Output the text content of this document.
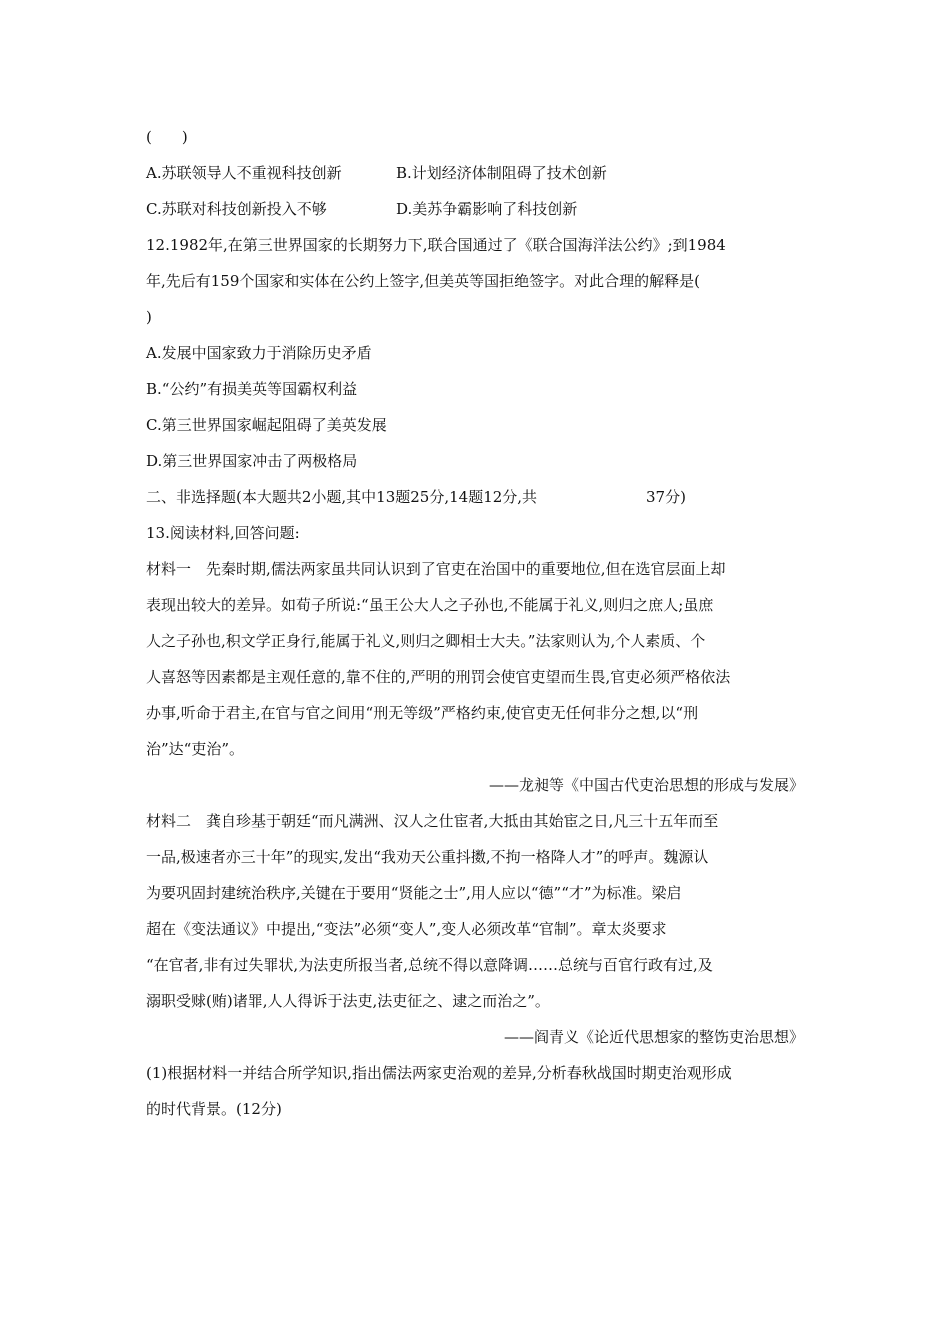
(　　)
A.苏联领导人不重视科技创新	B.计划经济体制阻碍了技术创新
C.苏联对科技创新投入不够	D.美苏争霸影响了科技创新
12.1982年,在第三世界国家的长期努力下,联合国通过了《联合国海洋法公约》;到1984
年,先后有159个国家和实体在公约上签字,但美英等国拒绝签字。对此合理的解释是(
)
A.发展中国家致力于消除历史矛盾
B.“公约”有损美英等国霸权利益
C.第三世界国家崛起阻碍了美英发展
D.第三世界国家冲击了两极格局
二、非选择题(本大题共2小题,其中13题25分,14题12分,共	37分)
13.阅读材料,回答问题:
材料一　先秦时期,儒法两家虽共同认识到了官吏在治国中的重要地位,但在选官层面上却
表现出较大的差异。如荀子所说:“虽王公大人之子孙也,不能属于礼义,则归之庶人;虽庶
人之子孙也,积文学正身行,能属于礼义,则归之卿相士大夫。”法家则认为,个人素质、个
人喜怒等因素都是主观任意的,靠不住的,严明的刑罚会使官吏望而生畏,官吏必须严格依法
办事,听命于君主,在官与官之间用“刑无等级”严格约束,使官吏无任何非分之想,以“刑
治”达“吏治”。
——龙昶等《中国古代吏治思想的形成与发展》
材料二　龚自珍基于朝廷“而凡满洲、汉人之仕宦者,大抵由其始宦之日,凡三十五年而至
一品,极速者亦三十年”的现实,发出“我劝天公重抖擞,不拘一格降人才”的呼声。魏源认
为要巩固封建统治秩序,关键在于要用“贤能之士”,用人应以“德”“才”为标准。梁启
超在《变法通议》中提出,“变法”必须“变人”,变人必须改革“官制”。章太炎要求
“在官者,非有过失罪状,为法吏所报当者,总统不得以意降调……总统与百官行政有过,及
溺职受赇(贿)诸罪,人人得诉于法吏,法吏征之、逮之而治之”。
——阎青义《论近代思想家的整饬吏治思想》
(1)根据材料一并结合所学知识,指出儒法两家吏治观的差异,分析春秋战国时期吏治观形成
的时代背景。(12分)
